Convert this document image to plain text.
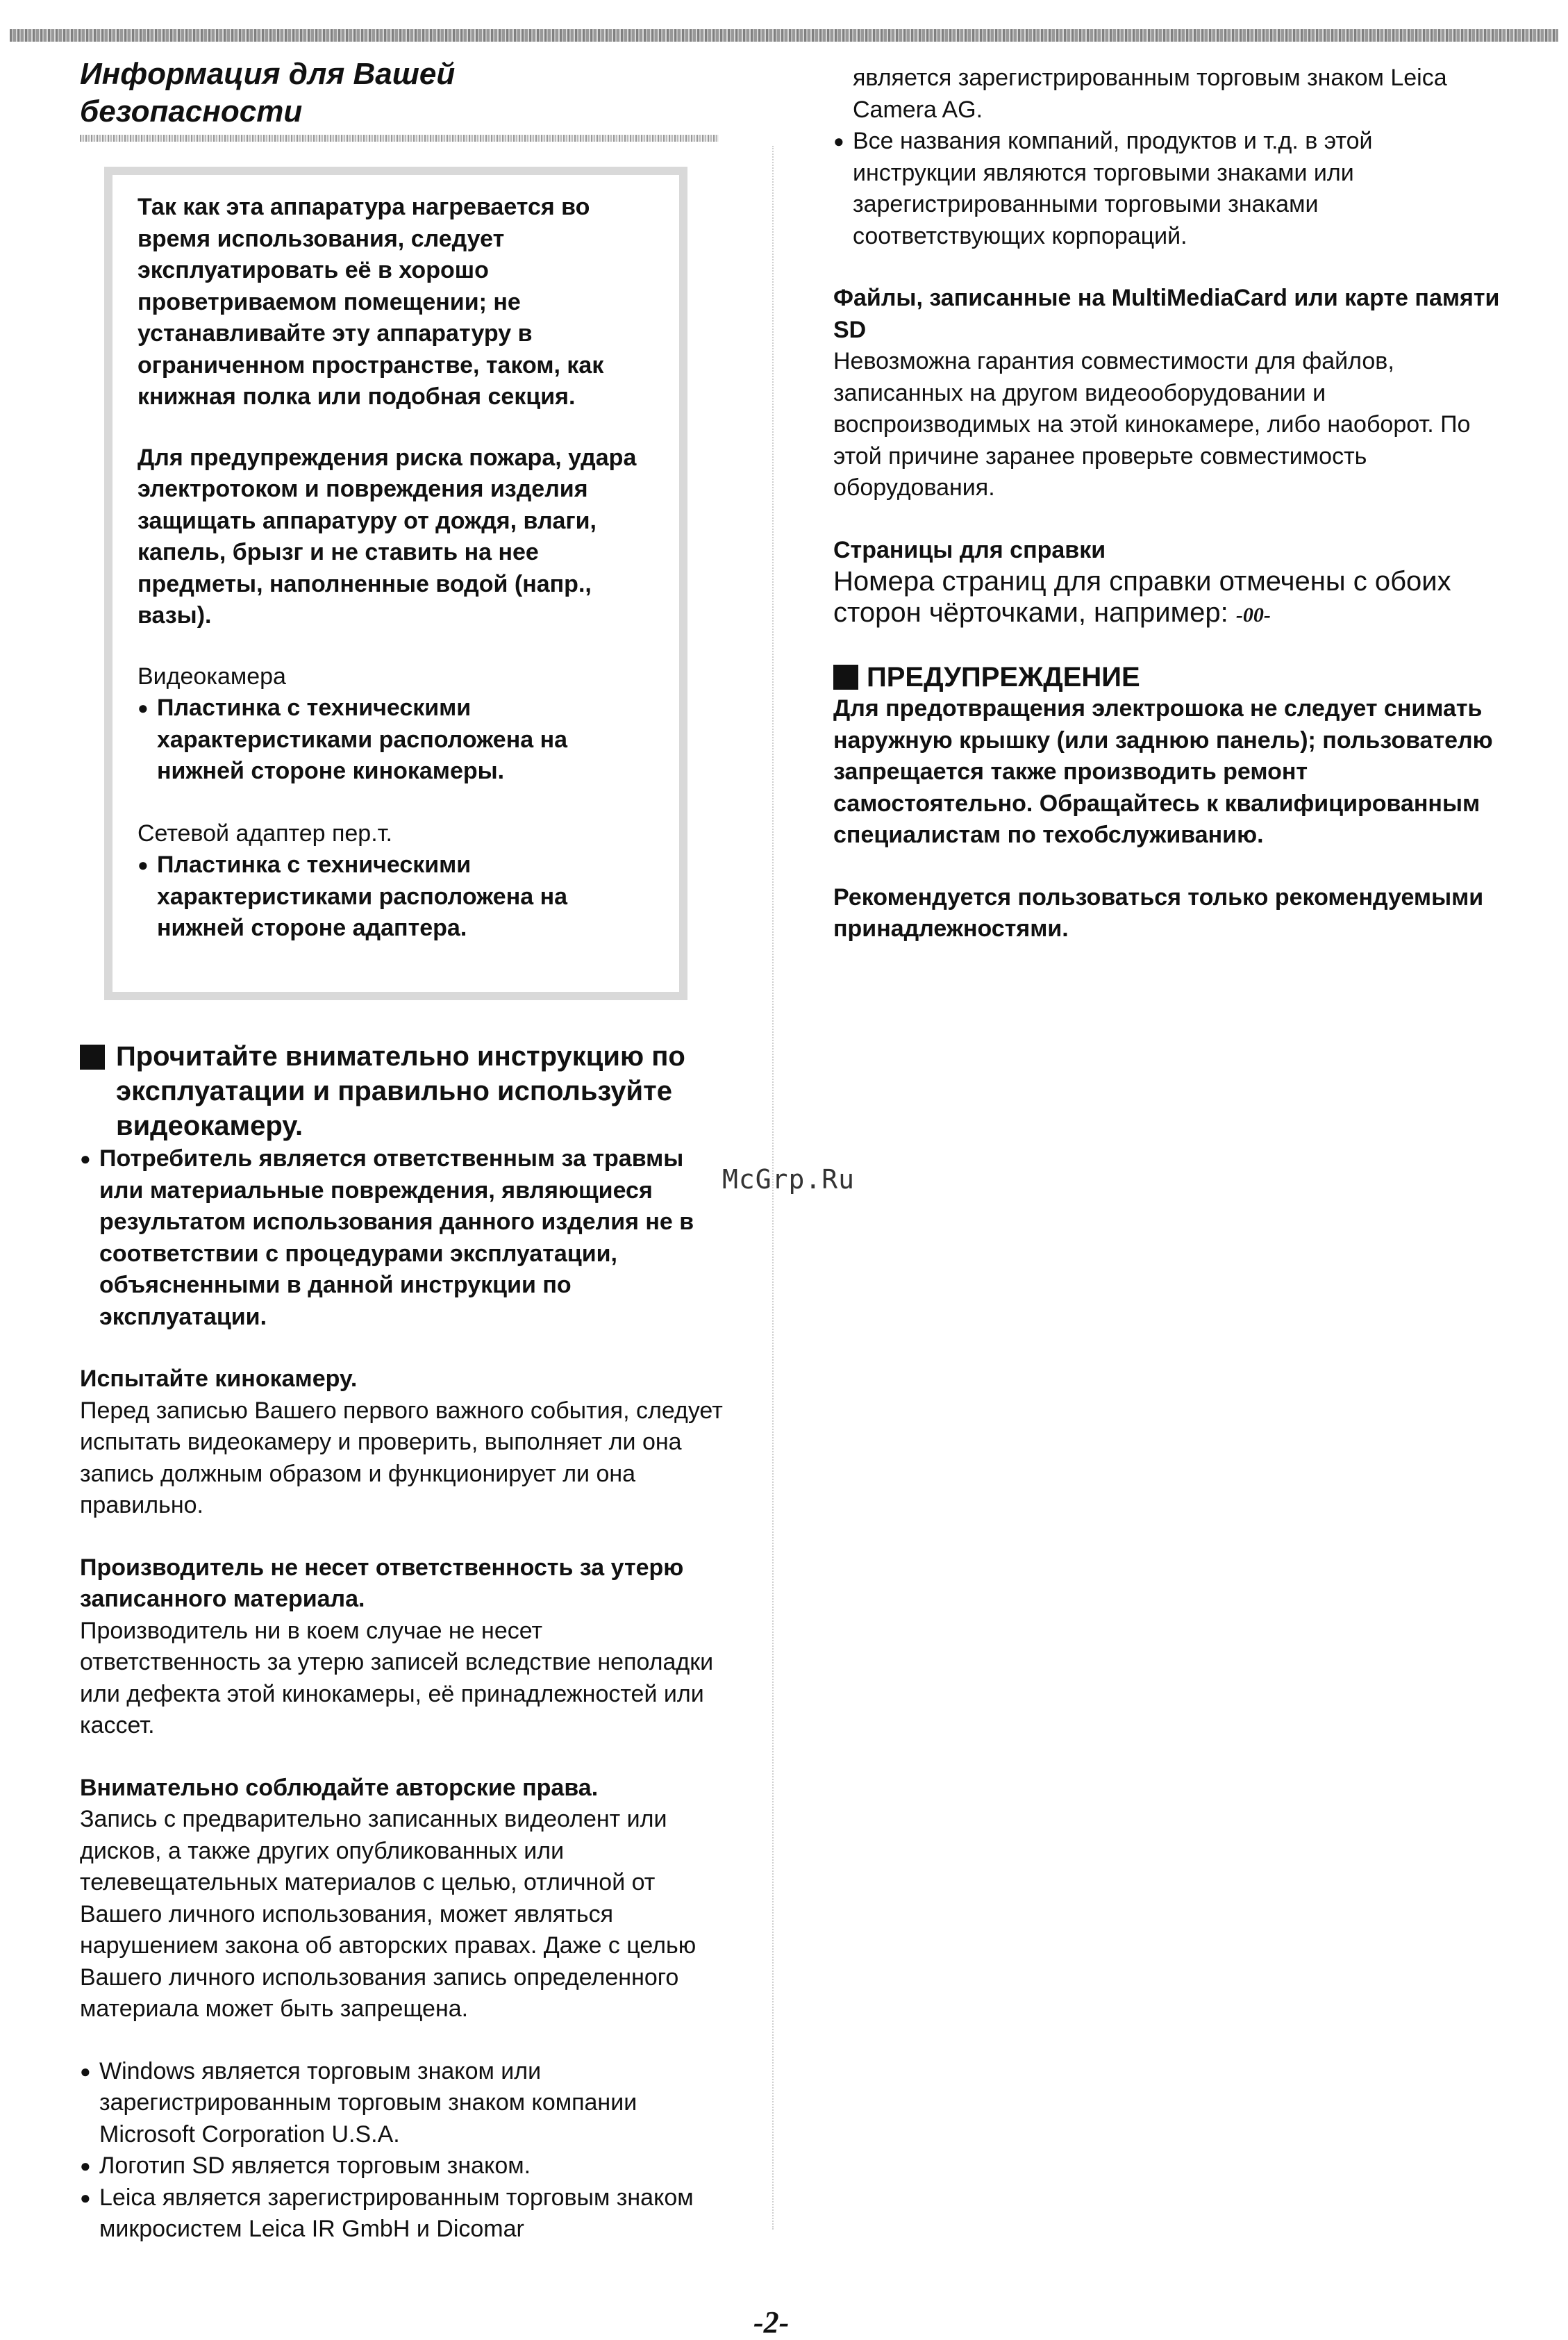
Информация для Вашей
безопасности

Так как эта аппаратура нагревается во время использования, следует эксплуатировать её в хорошо проветриваемом помещении; не устанавливайте эту аппаратуру в ограниченном пространстве, таком, как книжная полка или подобная секция.

Для предупреждения риска пожара, удара электротоком и повреждения изделия защищать аппаратуру от дождя, влаги, капель, брызг и не ставить на нее предметы, наполненные водой (напр., вазы).

Видеокамера

● Пластинка с техническими характеристиками расположена на нижней стороне кинокамеры.

Сетевой адаптер пер.т.

● Пластинка с техническими характеристиками расположена на нижней стороне адаптера.
Прочитайте внимательно инструкцию по эксплуатации и правильно используйте видеокамеру.
● Потребитель является ответственным за травмы или материальные повреждения, являющиеся результатом использования данного изделия не в соответствии с процедурами эксплуатации, объясненными в данной инструкции по эксплуатации.

Испытайте кинокамеру.

Перед записью Вашего первого важного события, следует испытать видеокамеру и проверить, выполняет ли она запись должным образом и функционирует ли она правильно.

Производитель не несет ответственность за утерю записанного материала.

Производитель ни в коем случае не несет ответственность за утерю записей вследствие неполадки или дефекта этой кинокамеры, её принадлежностей или кассет.

Внимательно соблюдайте авторские права.

Запись с предварительно записанных видеолент или дисков, а также других опубликованных или телевещательных материалов с целью, отличной от Вашего личного использования, может являться нарушением закона об авторских правах. Даже с целью Вашего личного использования запись определенного материала может быть запрещена.

● Windows является торговым знаком или зарегистрированным торговым знаком компании Microsoft Corporation U.S.A.
● Логотип SD является торговым знаком.
● Leica является зарегистрированным торговым знаком микросистем Leica IR GmbH и Dicomar

является зарегистрированным торговым знаком Leica Camera AG.

● Все названия компаний, продуктов и т.д. в этой инструкции являются торговыми знаками или зарегистрированными торговыми знаками соответствующих корпораций.

Файлы, записанные на MultiMediaCard или карте памяти SD

Невозможна гарантия совместимости для файлов, записанных на другом видеооборудовании и воспроизводимых на этой кинокамере, либо наоборот. По этой причине заранее проверьте совместимость оборудования.

Страницы для справки

Номера страниц для справки отмечены с обоих сторон чёрточками, например: -00-

ПРЕДУПРЕЖДЕНИЕ

Для предотвращения электрошока не следует снимать наружную крышку (или заднюю панель); пользователю запрещается также производить ремонт самостоятельно. Обращайтесь к квалифицированным специалистам по техобслуживанию.

Рекомендуется пользоваться только рекомендуемыми принадлежностями.

McGrp.Ru
-2-
